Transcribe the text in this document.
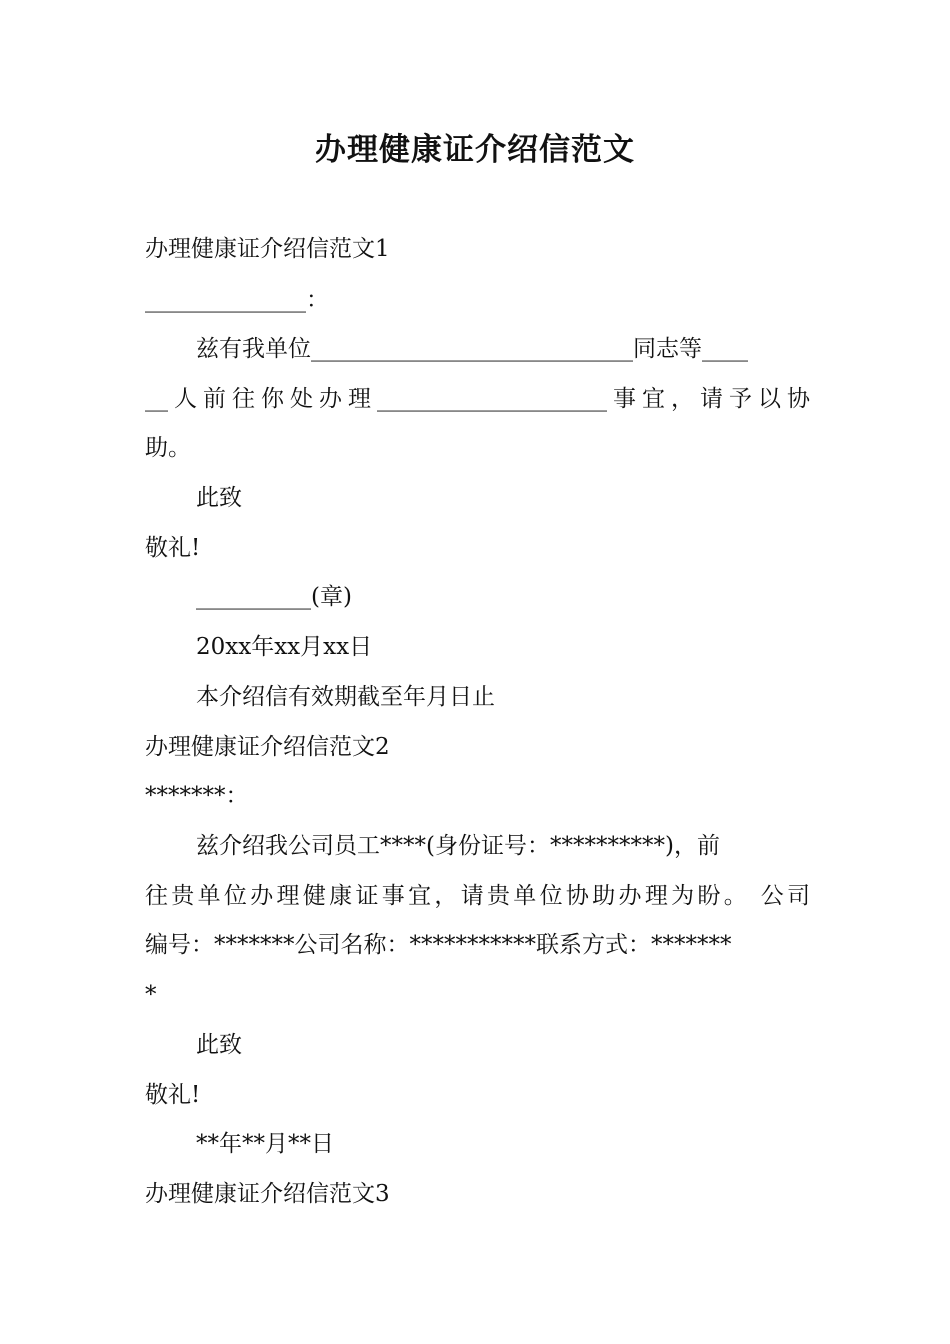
办理健康证介绍信范文
办理健康证介绍信范文1
______________：
兹有我单位____________________________同志等____
__人前往你处办理____________________事宜，请予以协
助。
此致
敬礼!
__________(章)
20xx年xx月xx日
本介绍信有效期截至年月日止
办理健康证介绍信范文2
*******：
兹介绍我公司员工****(身份证号：**********)，前
往贵单位办理健康证事宜，请贵单位协助办理为盼。 公司
编号：*******公司名称：***********联系方式：*******
*
此致
敬礼!
**年**月**日
办理健康证介绍信范文3
